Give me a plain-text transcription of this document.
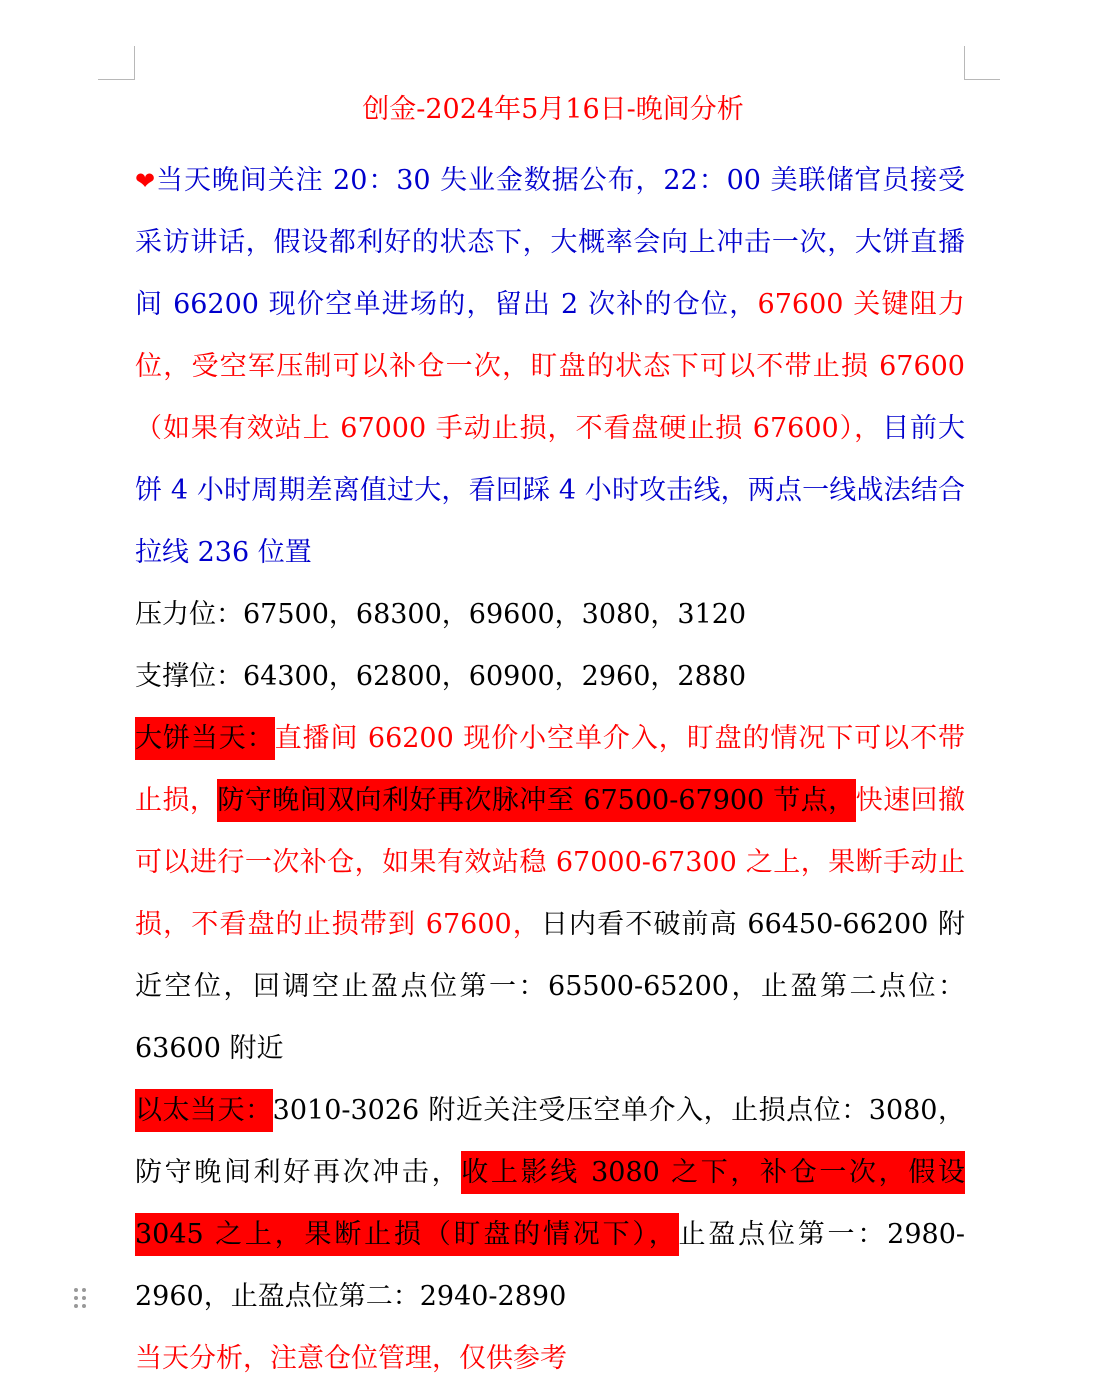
创金-2024年5月16日-晚间分析

❤当天晚间关注 20：30 失业金数据公布，22：00 美联储官员接受采访讲话，假设都利好的状态下，大概率会向上冲击一次，大饼直播间 66200 现价空单进场的，留出 2 次补的仓位，67600 关键阻力位，受空军压制可以补仓一次，盯盘的状态下可以不带止损 67600（如果有效站上 67000 手动止损，不看盘硬止损 67600），目前大饼 4 小时周期差离值过大，看回踩 4 小时攻击线，两点一线战法结合拉线 236 位置

压力位：67500，68300，69600，3080，3120

支撑位：64300，62800，60900，2960，2880

大饼当天：直播间 66200 现价小空单介入，盯盘的情况下可以不带止损，防守晚间双向利好再次脉冲至 67500-67900 节点，快速回撤可以进行一次补仓，如果有效站稳 67000-67300 之上，果断手动止损，不看盘的止损带到 67600，日内看不破前高 66450-66200 附近空位，回调空止盈点位第一：65500-65200，止盈第二点位：63600 附近

以太当天：3010-3026 附近关注受压空单介入，止损点位：3080，防守晚间利好再次冲击，收上影线 3080 之下，补仓一次，假设 3045 之上，果断止损（盯盘的情况下），止盈点位第一：2980-2960，止盈点位第二：2940-2890

当天分析，注意仓位管理，仅供参考
